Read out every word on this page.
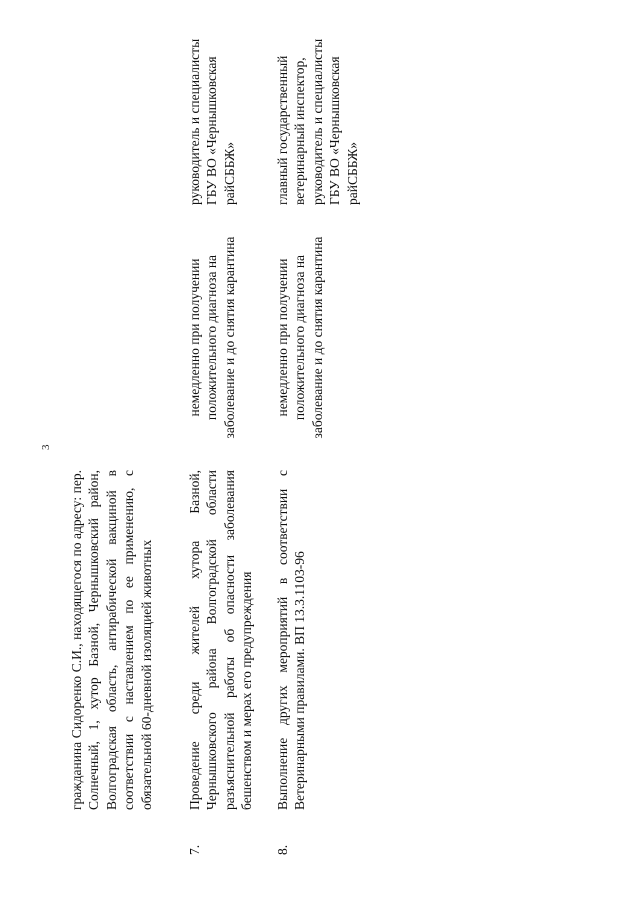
3

гражданина Сидоренко С.И., находящегося по адресу: пер. Солнечный, 1, хутор Базной, Чернышковский район, Волгоградская область, антирабической вакциной в соответствии с наставлением по ее применению, с обязательной 60-дневной изоляцией животных

7.

Проведение среди жителей хутора Базной, Чернышковского района Волгоградской области разъяснительной работы об опасности заболевания бешенством и мерах его предупреждения

немедленно при получении положительного диагноза на заболевание и до снятия карантина
руководитель и специалисты ГБУ ВО «Чернышковская райСББЖ»
8.

Выполнение других мероприятий в соответствии с Ветеринарными правилами. ВП 13.3.1103-96

немедленно при получении положительного диагноза на заболевание и до снятия карантина
главный государственный ветеринарный инспектор, руководитель и специалисты ГБУ ВО «Чернышковская райСББЖ»
